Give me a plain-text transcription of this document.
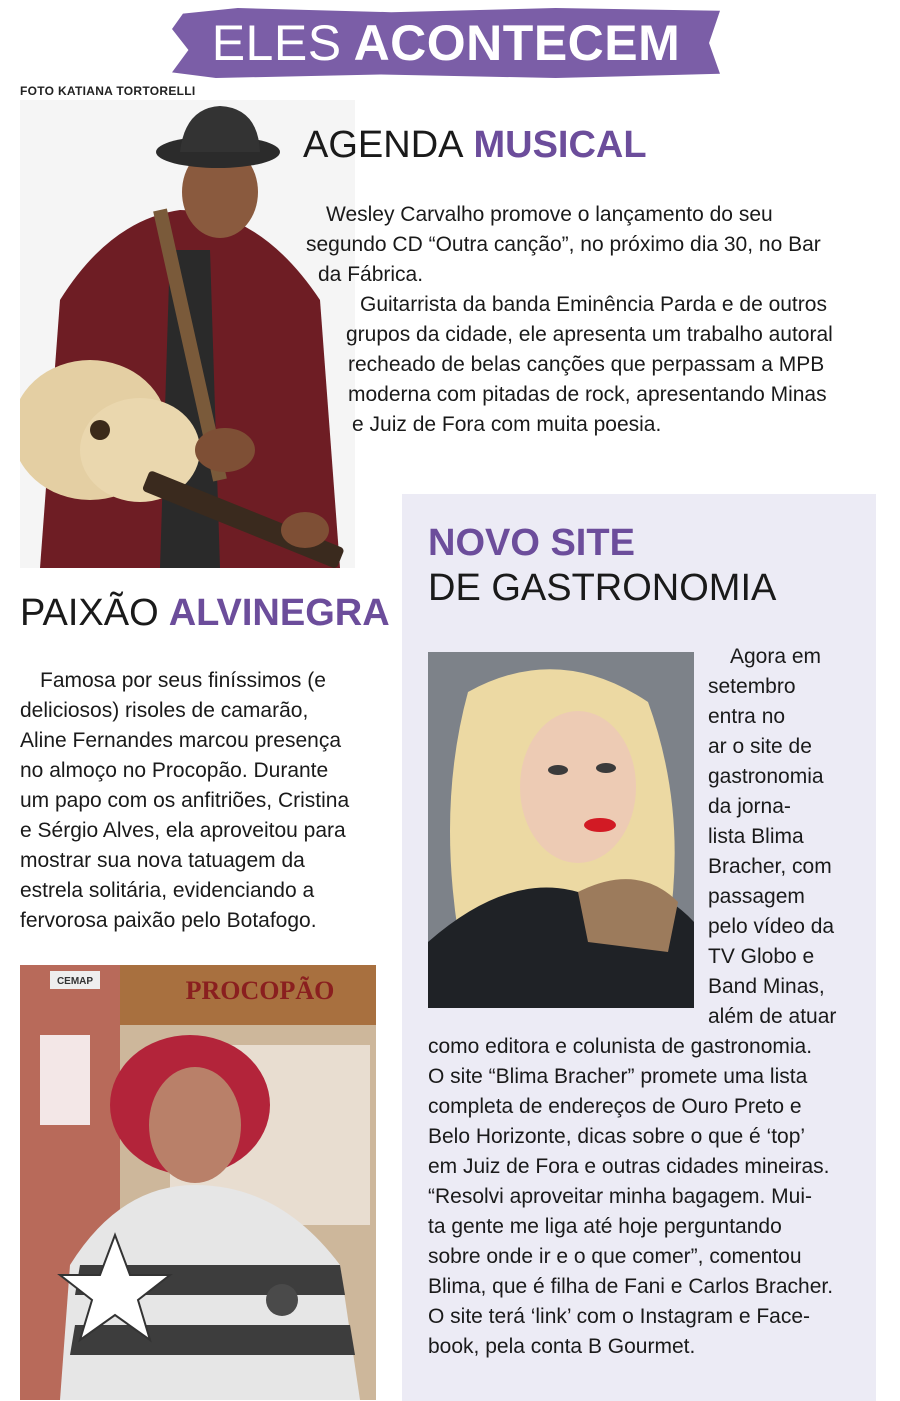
ELES ACONTECEM
FOTO KATIANA TORTORELLI
AGENDA MUSICAL

Wesley Carvalho promove o lançamento do seu

segundo CD “Outra canção”, no próximo dia 30, no Bar

da Fábrica.

Guitarrista da banda Eminência Parda e de outros

grupos da cidade, ele apresenta um trabalho autoral

recheado de belas canções que perpassam a MPB

moderna com pitadas de rock, apresentando Minas

e Juiz de Fora com muita poesia.

PAIXÃO ALVINEGRA

Famosa por seus finíssimos (e

deliciosos) risoles de camarão,

Aline Fernandes marcou presença

no almoço no Procopão. Durante

um papo com os anfitriões, Cristina

e Sérgio Alves, ela aproveitou para

mostrar sua nova tatuagem da

estrela solitária, evidenciando a

fervorosa paixão pelo Botafogo.

PROCOPÃO
CEMAP
NOVO SITE
DE GASTRONOMIA

Agora em

setembro

entra no

ar o site de

gastronomia

da jorna-

lista Blima

Bracher, com

passagem

pelo vídeo da

TV Globo e

Band Minas,

além de atuar

como editora e colunista de gastronomia.

O site “Blima Bracher” promete uma lista

completa de endereços de Ouro Preto e

Belo Horizonte, dicas sobre o que é ‘top’

em Juiz de Fora e outras cidades mineiras.

“Resolvi aproveitar minha bagagem. Mui-

ta gente me liga até hoje perguntando

sobre onde ir e o que comer”, comentou

Blima, que é filha de Fani e Carlos Bracher.

O site terá ‘link’ com o Instagram e Face-

book, pela conta B Gourmet.
